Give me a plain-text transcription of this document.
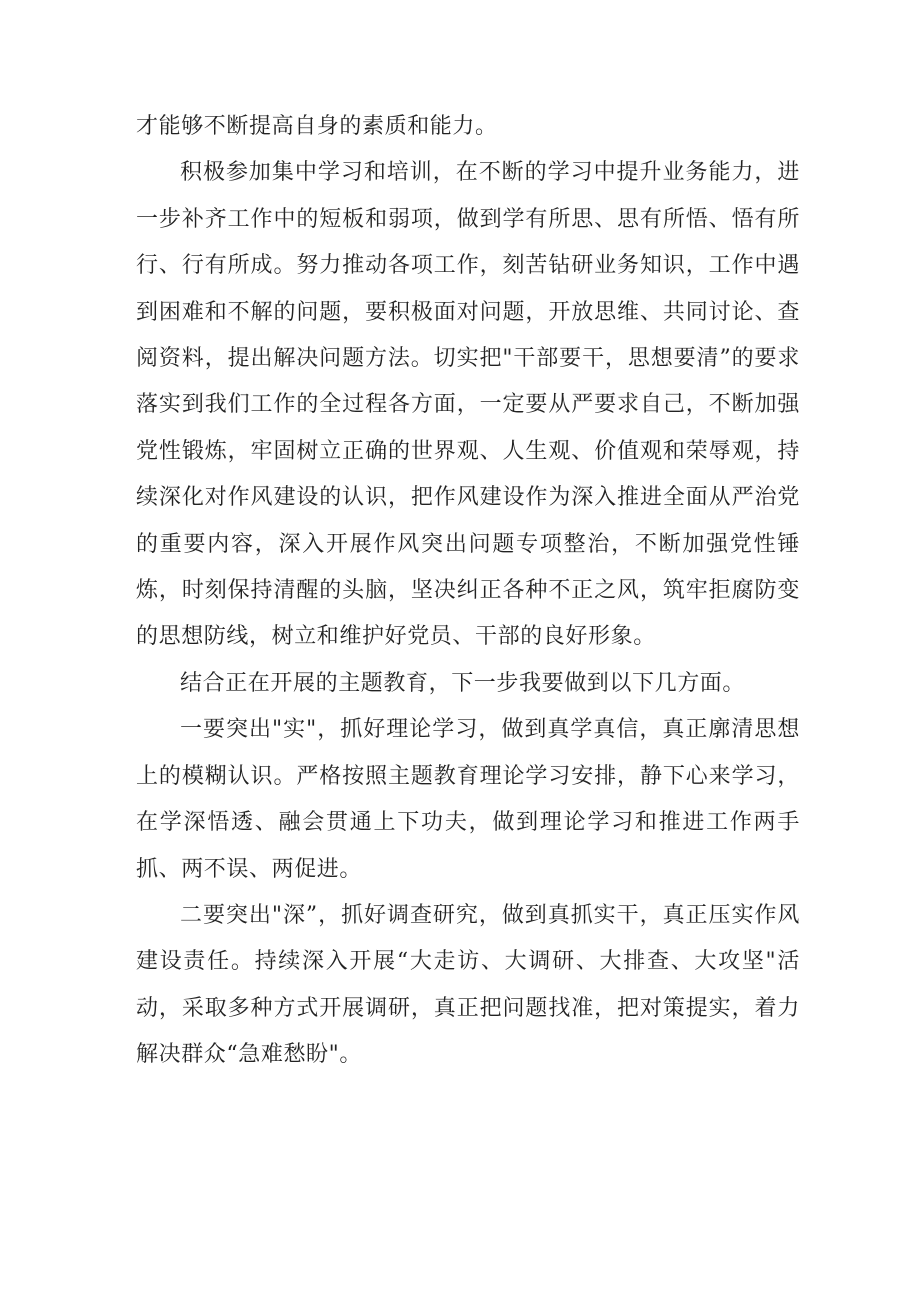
才能够不断提高自身的素质和能力。

积极参加集中学习和培训，在不断的学习中提升业务能力，进一步补齐工作中的短板和弱项，做到学有所思、思有所悟、悟有所行、行有所成。努力推动各项工作，刻苦钻研业务知识，工作中遇到困难和不解的问题，要积极面对问题，开放思维、共同讨论、查阅资料，提出解决问题方法。切实把"干部要干，思想要清”的要求落实到我们工作的全过程各方面，一定要从严要求自己，不断加强党性锻炼，牢固树立正确的世界观、人生观、价值观和荣辱观，持续深化对作风建设的认识，把作风建设作为深入推进全面从严治党的重要内容，深入开展作风突出问题专项整治，不断加强党性锤炼，时刻保持清醒的头脑，坚决纠正各种不正之风，筑牢拒腐防变的思想防线，树立和维护好党员、干部的良好形象。

结合正在开展的主题教育，下一步我要做到以下几方面。

一要突出"实"，抓好理论学习，做到真学真信，真正廓清思想上的模糊认识。严格按照主题教育理论学习安排，静下心来学习，在学深悟透、融会贯通上下功夫，做到理论学习和推进工作两手抓、两不误、两促进。

二要突出"深”，抓好调查研究，做到真抓实干，真正压实作风建设责任。持续深入开展“大走访、大调研、大排查、大攻坚"活动，采取多种方式开展调研，真正把问题找准，把对策提实，着力解决群众“急难愁盼"。
